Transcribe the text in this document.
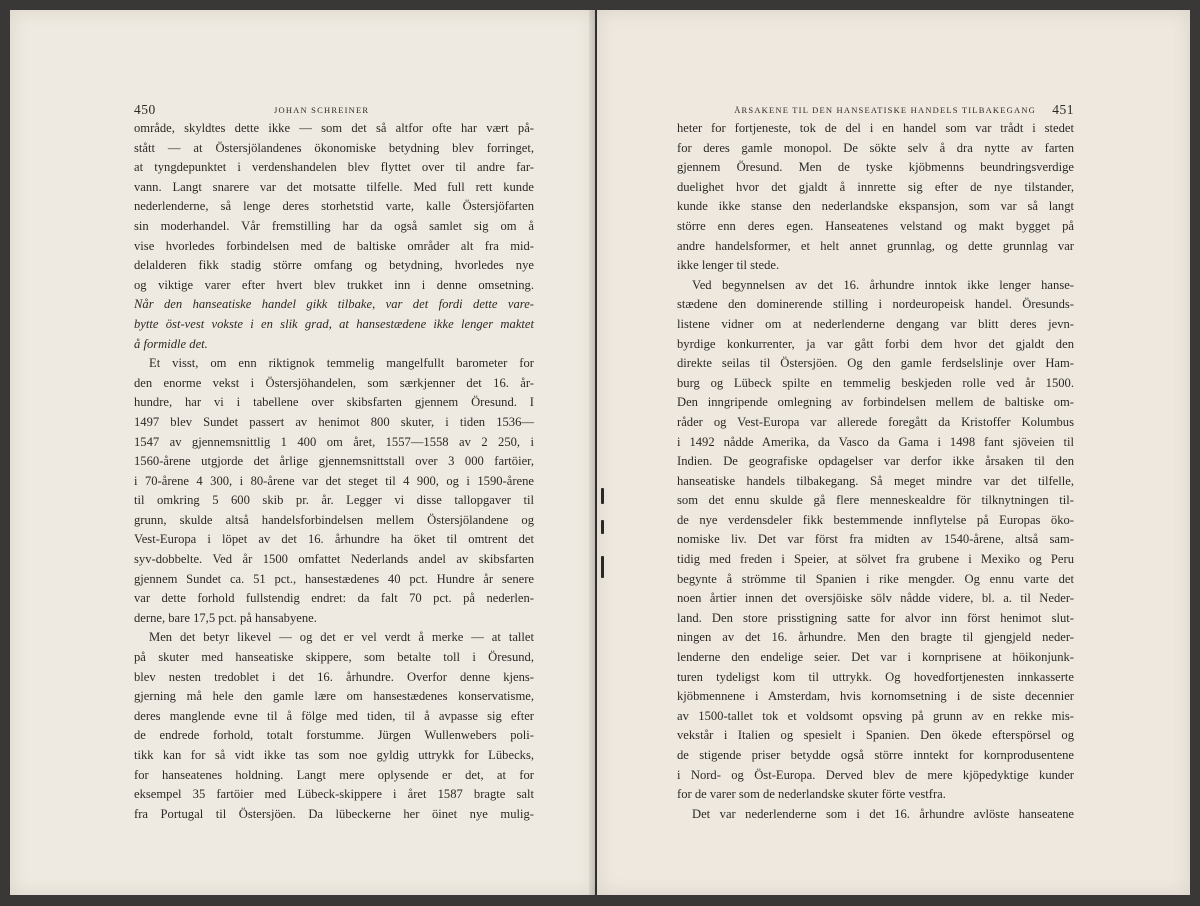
450	JOHAN SCHREINER
område, skyldtes dette ikke — som det så altfor ofte har vært på-
stått — at Östersjölandenes ökonomiske betydning blev forringet,
at tyngdepunktet i verdenshandelen blev flyttet over til andre far-
vann. Langt snarere var det motsatte tilfelle. Med full rett kunde
nederlenderne, så lenge deres storhetstid varte, kalle Östersjöfarten
sin moderhandel. Vår fremstilling har da også samlet sig om å
vise hvorledes forbindelsen med de baltiske områder alt fra mid-
delalderen fikk stadig större omfang og betydning, hvorledes nye
og viktige varer efter hvert blev trukket inn i denne omsetning.
Når den hanseatiske handel gikk tilbake, var det fordi dette vare-
bytte öst-vest vokste i en slik grad, at hansestædene ikke lenger maktet
å formidle det.
Et visst, om enn riktignok temmelig mangelfullt barometer for
den enorme vekst i Östersjöhandelen, som særkjenner det 16. år-
hundre, har vi i tabellene over skibsfarten gjennem Öresund. I
1497 blev Sundet passert av henimot 800 skuter, i tiden 1536—
1547 av gjennemsnittlig 1 400 om året, 1557—1558 av 2 250, i
1560-årene utgjorde det årlige gjennemsnittstall over 3 000 fartöier,
i 70-årene 4 300, i 80-årene var det steget til 4 900, og i 1590-årene
til omkring 5 600 skib pr. år. Legger vi disse tallopgaver til
grunn, skulde altså handelsforbindelsen mellem Östersjölandene og
Vest-Europa i löpet av det 16. århundre ha öket til omtrent det
syv-dobbelte. Ved år 1500 omfattet Nederlands andel av skibsfarten
gjennem Sundet ca. 51 pct., hansestædenes 40 pct. Hundre år senere
var dette forhold fullstendig endret: da falt 70 pct. på nederlen-
derne, bare 17,5 pct. på hansabyene.
Men det betyr likevel — og det er vel verdt å merke — at tallet
på skuter med hanseatiske skippere, som betalte toll i Öresund,
blev nesten tredoblet i det 16. århundre. Overfor denne kjens-
gjerning må hele den gamle lære om hansestædenes konservatisme,
deres manglende evne til å fölge med tiden, til å avpasse sig efter
de endrede forhold, totalt forstumme. Jürgen Wullenwebers poli-
tikk kan for så vidt ikke tas som noe gyldig uttrykk for Lübecks,
for hanseatenes holdning. Langt mere oplysende er det, at for
eksempel 35 fartöier med Lübeck-skippere i året 1587 bragte salt
fra Portugal til Östersjöen. Da lübeckerne her öinet nye mulig-
ÅRSAKENE TIL DEN HANSEATISKE HANDELS TILBAKEGANG 451
heter for fortjeneste, tok de del i en handel som var trådt i stedet
for deres gamle monopol. De sökte selv å dra nytte av farten
gjennem Öresund. Men de tyske kjöbmenns beundringsverdige
duelighet hvor det gjaldt å innrette sig efter de nye tilstander,
kunde ikke stanse den nederlandske ekspansjon, som var så langt
större enn deres egen. Hanseatenes velstand og makt bygget på
andre handelsformer, et helt annet grunnlag, og dette grunnlag var
ikke lenger til stede.
Ved begynnelsen av det 16. århundre inntok ikke lenger hanse-
stædene den dominerende stilling i nordeuropeisk handel. Öresunds-
listene vidner om at nederlenderne dengang var blitt deres jevn-
byrdige konkurrenter, ja var gått forbi dem hvor det gjaldt den
direkte seilas til Östersjöen. Og den gamle ferdselslinje over Ham-
burg og Lübeck spilte en temmelig beskjeden rolle ved år 1500.
Den inngripende omlegning av forbindelsen mellem de baltiske om-
råder og Vest-Europa var allerede foregått da Kristoffer Kolumbus
i 1492 nådde Amerika, da Vasco da Gama i 1498 fant sjöveien til
Indien. De geografiske opdagelser var derfor ikke årsaken til den
hanseatiske handels tilbakegang. Så meget mindre var det tilfelle,
som det ennu skulde gå flere menneskealdre för tilknytningen til-
de nye verdensdeler fikk bestemmende innflytelse på Europas öko-
nomiske liv. Det var först fra midten av 1540-årene, altså sam-
tidig med freden i Speier, at sölvet fra grubene i Mexiko og Peru
begynte å strömme til Spanien i rike mengder. Og ennu varte det
noen årtier innen det oversjöiske sölv nådde videre, bl. a. til Neder-
land. Den store prisstigning satte for alvor inn först henimot slut-
ningen av det 16. århundre. Men den bragte til gjengjeld neder-
lenderne den endelige seier. Det var i kornprisene at höikonjunk-
turen tydeligst kom til uttrykk. Og hovedfortjenesten innkasserte
kjöbmennene i Amsterdam, hvis kornomsetning i de siste decennier
av 1500-tallet tok et voldsomt opsving på grunn av en rekke mis-
vekstår i Italien og spesielt i Spanien. Den ökede efterspörsel og
de stigende priser betydde også större inntekt for kornprodusentene
i Nord- og Öst-Europa. Derved blev de mere kjöpedyktige kunder
for de varer som de nederlandske skuter förte vestfra.
Det var nederlenderne som i det 16. århundre avlöste hanseatene
